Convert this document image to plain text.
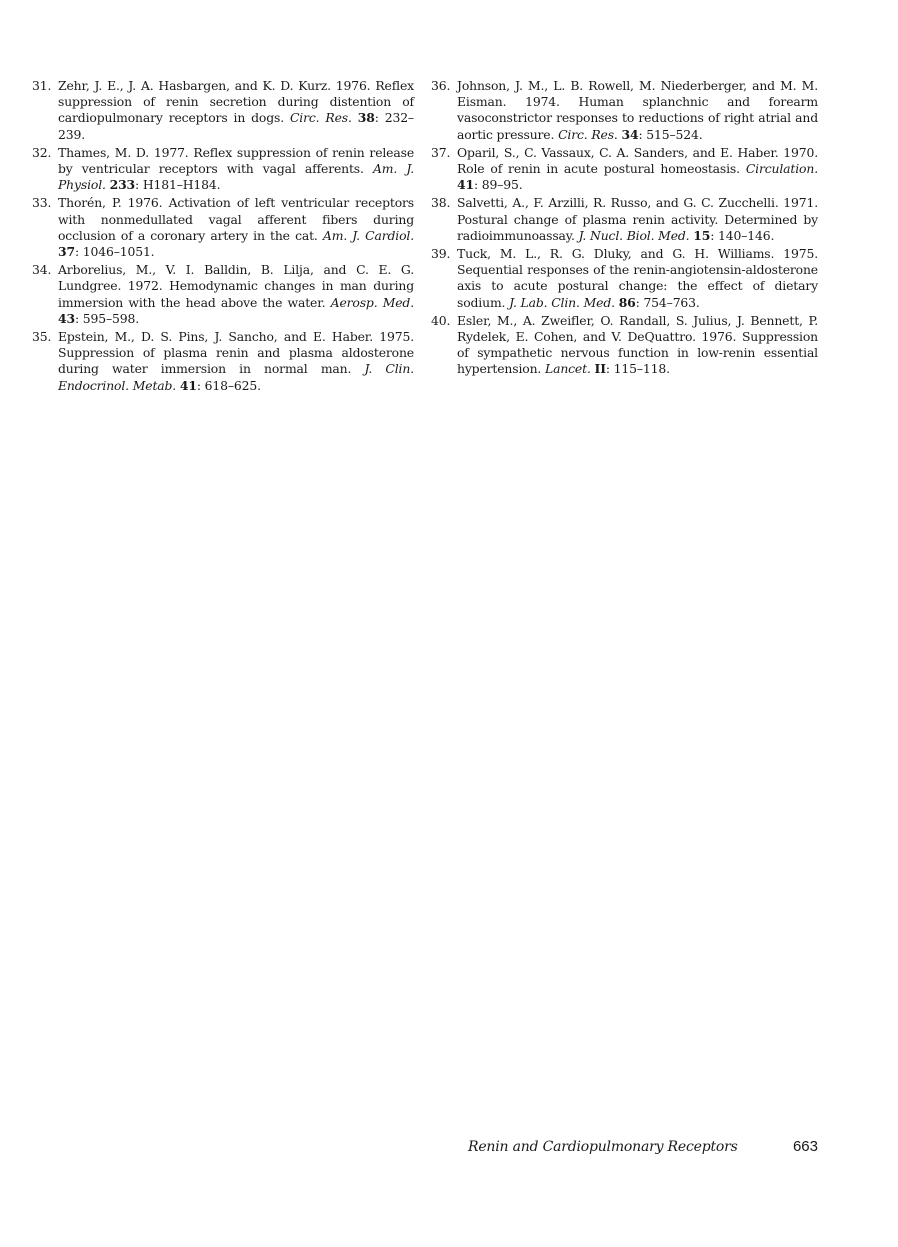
31. Zehr, J. E., J. A. Hasbargen, and K. D. Kurz. 1976. Reflex suppression of renin secretion during distention of cardiopulmonary receptors in dogs. Circ. Res. 38: 232–239.
32. Thames, M. D. 1977. Reflex suppression of renin release by ventricular receptors with vagal afferents. Am. J. Physiol. 233: H181–H184.
33. Thorén, P. 1976. Activation of left ventricular receptors with nonmedullated vagal afferent fibers during occlusion of a coronary artery in the cat. Am. J. Cardiol. 37: 1046–1051.
34. Arborelius, M., V. I. Balldin, B. Lilja, and C. E. G. Lundgree. 1972. Hemodynamic changes in man during immersion with the head above the water. Aerosp. Med. 43: 595–598.
35. Epstein, M., D. S. Pins, J. Sancho, and E. Haber. 1975. Suppression of plasma renin and plasma aldosterone during water immersion in normal man. J. Clin. Endocrinol. Metab. 41: 618–625.
36. Johnson, J. M., L. B. Rowell, M. Niederberger, and M. M. Eisman. 1974. Human splanchnic and forearm vasoconstrictor responses to reductions of right atrial and aortic pressure. Circ. Res. 34: 515–524.
37. Oparil, S., C. Vassaux, C. A. Sanders, and E. Haber. 1970. Role of renin in acute postural homeostasis. Circulation. 41: 89–95.
38. Salvetti, A., F. Arzilli, R. Russo, and G. C. Zucchelli. 1971. Postural change of plasma renin activity. Determined by radioimmunoassay. J. Nucl. Biol. Med. 15: 140–146.
39. Tuck, M. L., R. G. Dluky, and G. H. Williams. 1975. Sequential responses of the renin-angiotensin-aldosterone axis to acute postural change: the effect of dietary sodium. J. Lab. Clin. Med. 86: 754–763.
40. Esler, M., A. Zweifler, O. Randall, S. Julius, J. Bennett, P. Rydelek, E. Cohen, and V. DeQuattro. 1976. Suppression of sympathetic nervous function in low-renin essential hypertension. Lancet. II: 115–118.
Renin and Cardiopulmonary Receptors	663
